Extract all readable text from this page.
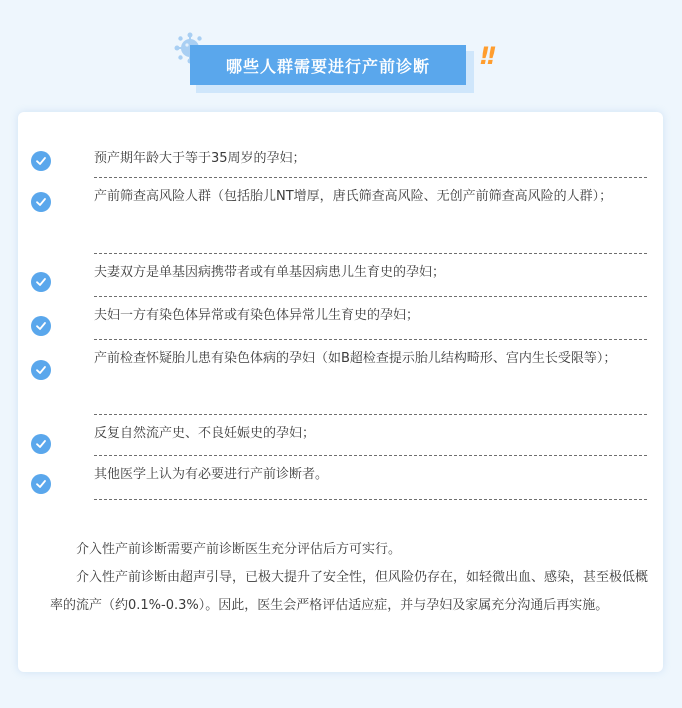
哪些人群需要进行产前诊断	!!
预产期年龄大于等于35周岁的孕妇；
产前筛查高风险人群（包括胎儿NT增厚，唐氏筛查高风险、无创产前筛查高风险的人群）；
夫妻双方是单基因病携带者或有单基因病患儿生育史的孕妇；
夫妇一方有染色体异常或有染色体异常儿生育史的孕妇；
产前检查怀疑胎儿患有染色体病的孕妇（如B超检查提示胎儿结构畸形、宫内生长受限等）；
反复自然流产史、不良妊娠史的孕妇；
其他医学上认为有必要进行产前诊断者。

介入性产前诊断需要产前诊断医生充分评估后方可实行。

介入性产前诊断由超声引导，已极大提升了安全性，但风险仍存在，如轻微出血、感染，甚至极低概率的流产（约0.1%-0.3%）。因此，医生会严格评估适应症，并与孕妇及家属充分沟通后再实施。
